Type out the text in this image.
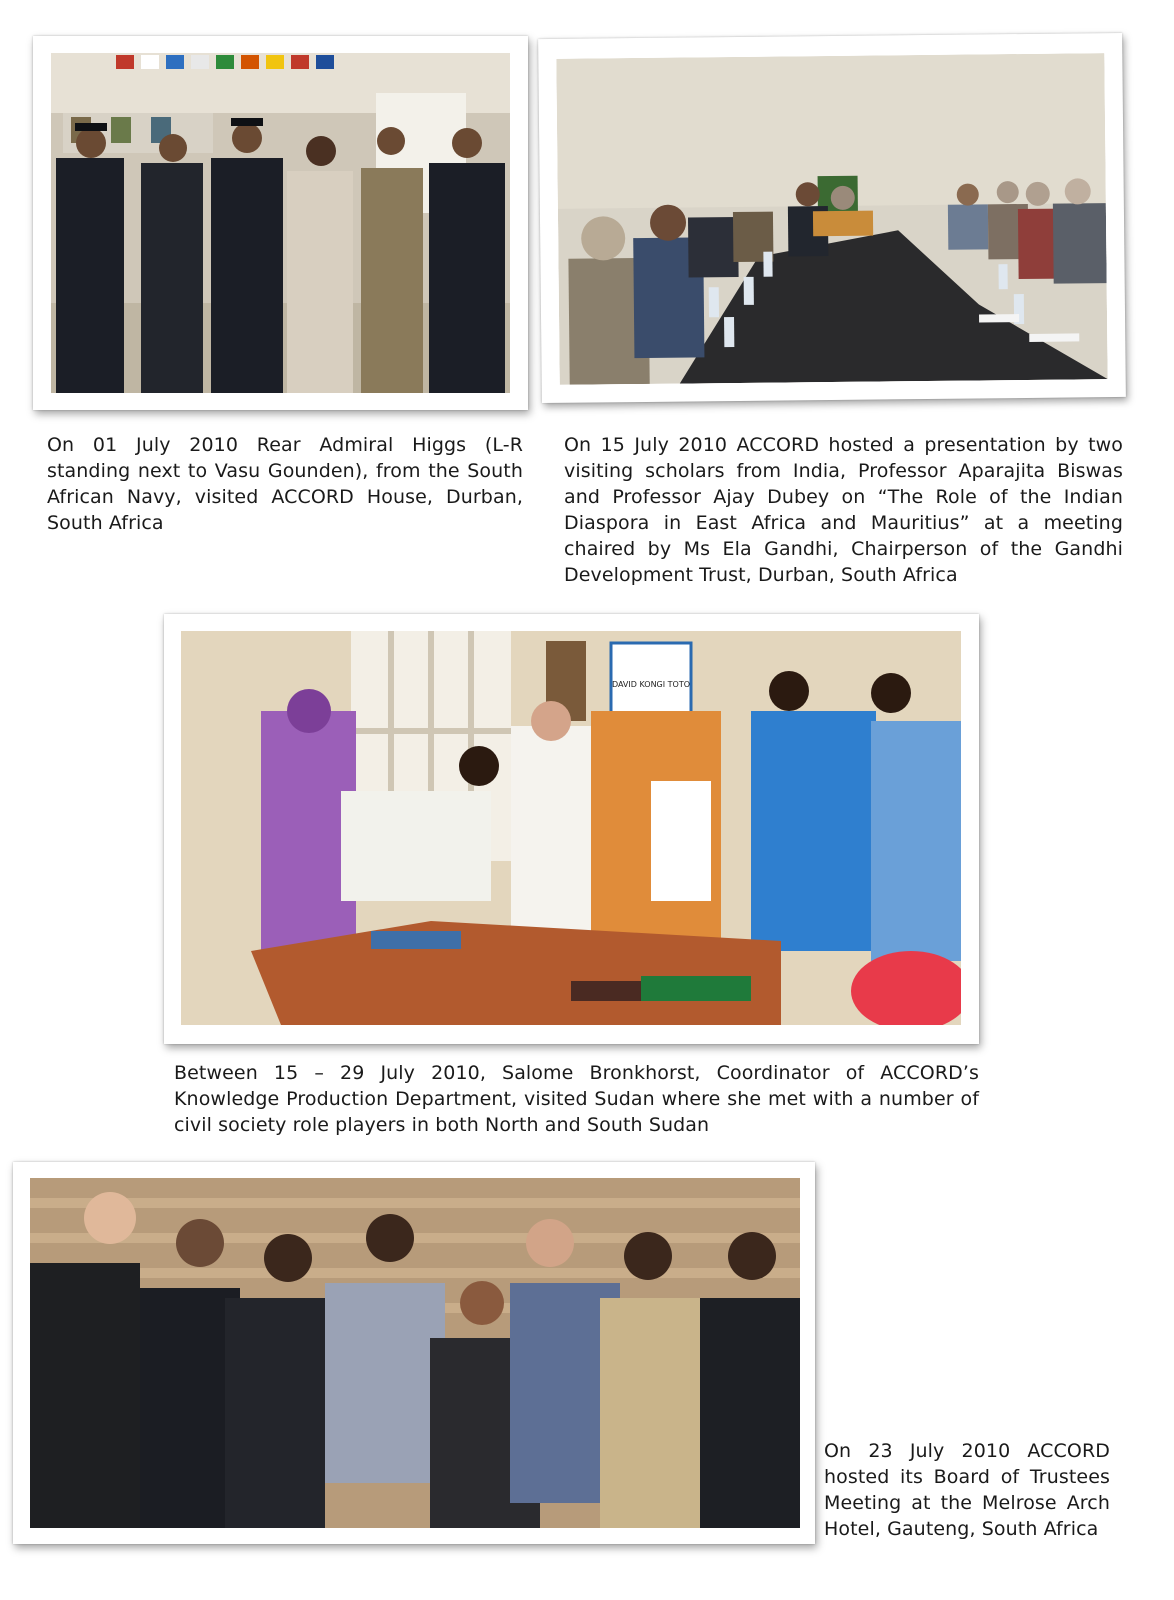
On 01 July 2010 Rear Admiral Higgs (L-R standing next to Vasu Gounden), from the South African Navy, visited ACCORD House, Durban, South Africa
On 15 July 2010 ACCORD hosted a presentation by two visiting scholars from India, Professor Aparajita Biswas and Professor Ajay Dubey on “The Role of the Indian Diaspora in East Africa and Mauritius” at a meeting chaired by Ms Ela Gandhi, Chairperson of the Gandhi Development Trust, Durban, South Africa
DAVID KONGI TOTO
Between 15 – 29 July 2010, Salome Bronkhorst, Coordinator of ACCORD’s Knowledge Production Department, visited Sudan where she met with a number of civil society role players in both North and South Sudan
On 23 July 2010 ACCORD hosted its Board of Trustees Meeting at the Melrose Arch Hotel, Gauteng, South Africa
